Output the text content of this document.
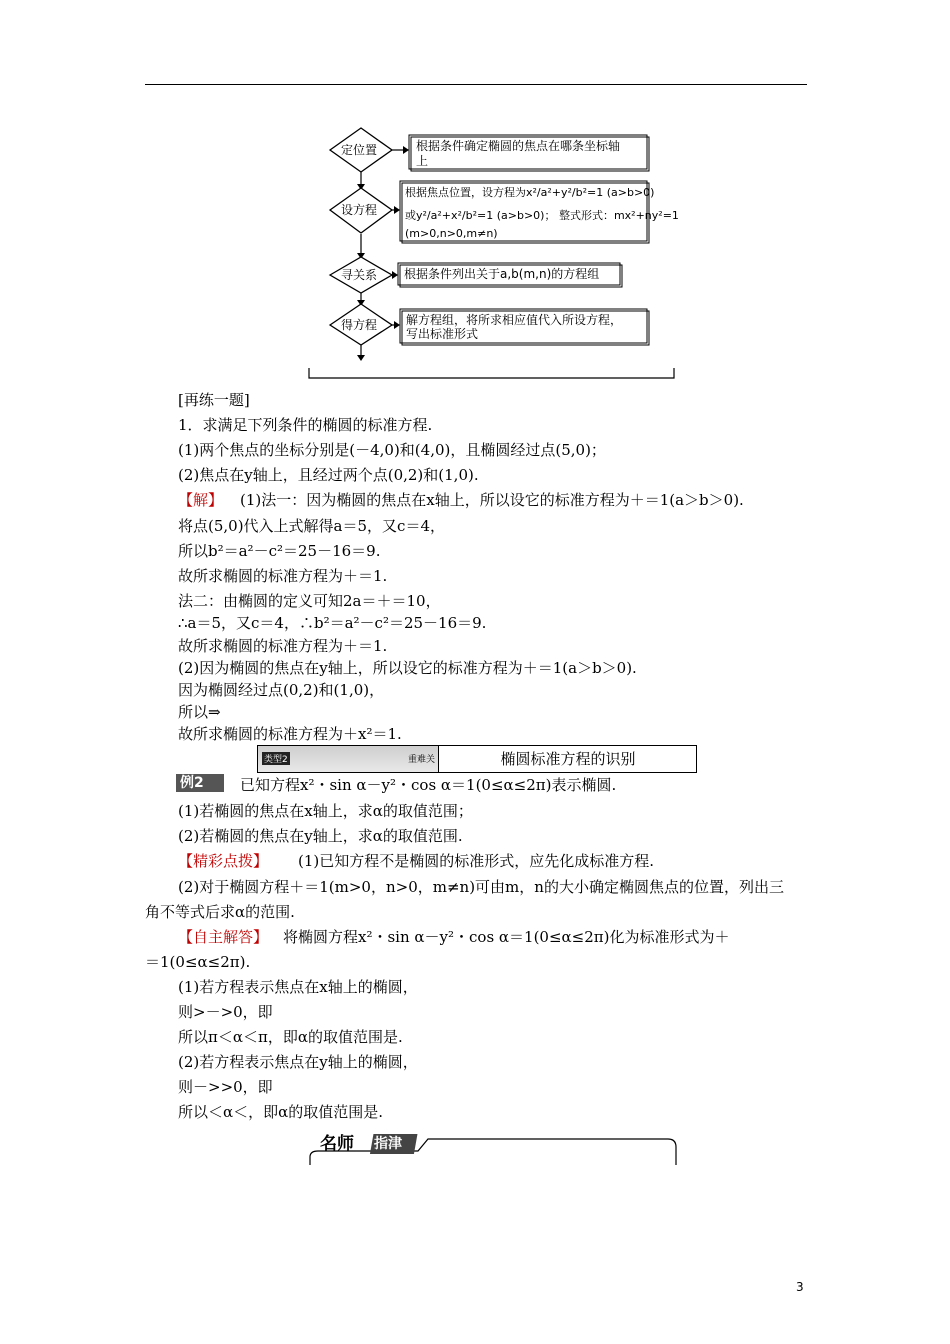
定位置
设方程
寻关系
得方程
根据条件确定椭圆的焦点在哪条坐标轴
上
根据焦点位置，设方程为x²/a²+y²/b²=1 (a>b>0)
或y²/a²+x²/b²=1 (a>b>0)； 整式形式：mx²+ny²=1
(m>0,n>0,m≠n)
根据条件列出关于a,b(m,n)的方程组
解方程组，将所求相应值代入所设方程，
写出标准形式
[再练一题]
1．求满足下列条件的椭圆的标准方程.
(1)两个焦点的坐标分别是(－4,0)和(4,0)，且椭圆经过点(5,0)；
(2)焦点在y轴上，且经过两个点(0,2)和(1,0).
【解】 (1)法一：因为椭圆的焦点在x轴上，所以设它的标准方程为＋＝1(a＞b＞0).
将点(5,0)代入上式解得a＝5，又c＝4，
所以b²＝a²－c²＝25－16＝9.
故所求椭圆的标准方程为＋＝1.
法二：由椭圆的定义可知2a＝＋＝10，
∴a＝5，又c＝4，∴b²＝a²－c²＝25－16＝9.
故所求椭圆的标准方程为＋＝1.
(2)因为椭圆的焦点在y轴上，所以设它的标准方程为＋＝1(a＞b＞0).
因为椭圆经过点(0,2)和(1,0)，
所以⇒
故所求椭圆的标准方程为＋x²＝1.
类型2	重难关	椭圆标准方程的识别
例2	已知方程x²・sin α－y²・cos α＝1(0≤α≤2π)表示椭圆.
(1)若椭圆的焦点在x轴上，求α的取值范围；
(2)若椭圆的焦点在y轴上，求α的取值范围.
【精彩点拨】 (1)已知方程不是椭圆的标准形式，应先化成标准方程.
(2)对于椭圆方程＋＝1(m>0，n>0，m≠n)可由m，n的大小确定椭圆焦点的位置，列出三
角不等式后求α的范围.
【自主解答】 将椭圆方程x²・sin α－y²・cos α＝1(0≤α≤2π)化为标准形式为＋
＝1(0≤α≤2π).
(1)若方程表示焦点在x轴上的椭圆，
则>－>0，即
所以π＜α＜π，即α的取值范围是.
(2)若方程表示焦点在y轴上的椭圆，
则－>>0，即
所以＜α＜，即α的取值范围是.
名师 指津
3
